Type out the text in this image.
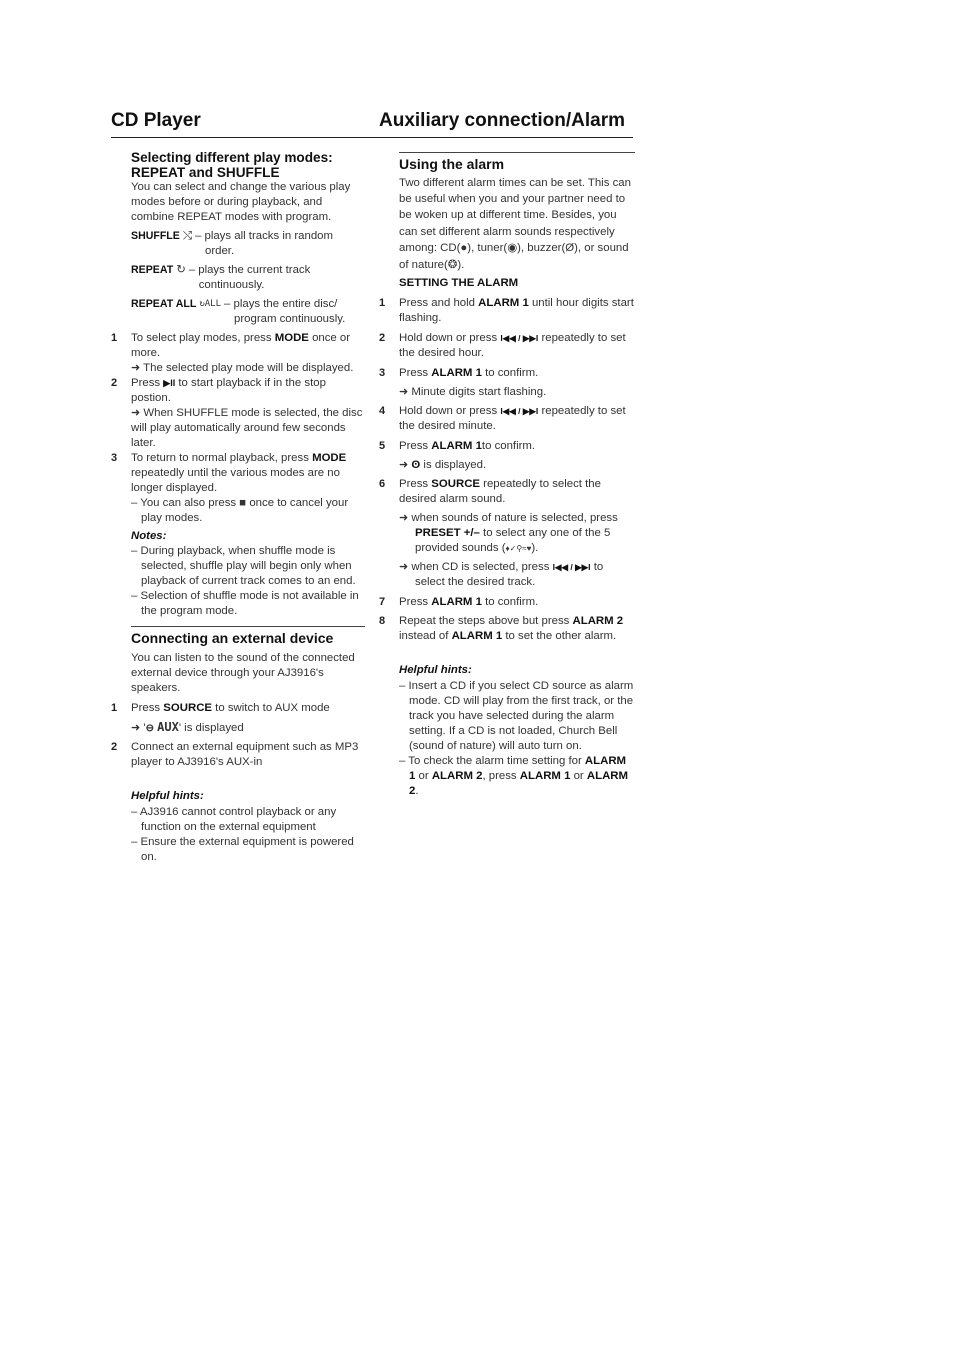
CD Player	Auxiliary connection/Alarm

Selecting different play modes:
REPEAT and SHUFFLE

You can select and change the various play modes before or during playback, and combine REPEAT modes with program.

SHUFFLE ⤭ – plays all tracks in random order.
REPEAT ↻ – plays the current track continuously.
REPEAT ALL ↻ALL – plays the entire disc/ program continuously.
1 To select play modes, press MODE once or more.
➜ The selected play mode will be displayed.
2 Press ▶II to start playback if in the stop postion.
➜ When SHUFFLE mode is selected, the disc will play automatically around few seconds later.
3 To return to normal playback, press MODE repeatedly until the various modes are no longer displayed.
– You can also press ■ once to cancel your play modes.

Notes:

– During playback, when shuffle mode is selected, shuffle play will begin only when playback of current track comes to an end.

– Selection of shuffle mode is not available in the program mode.

Connecting an external device

You can listen to the sound of the connected external device through your AJ3916's speakers.

1 Press SOURCE to switch to AUX mode
➜ '⊖ AUX' is displayed
2 Connect an external equipment such as MP3 player to AJ3916's AUX-in

Helpful hints:

– AJ3916 cannot control playback or any function on the external equipment

– Ensure the external equipment is powered on.

Using the alarm

Two different alarm times can be set. This can be useful when you and your partner need to be woken up at different time. Besides, you can set different alarm sounds respectively among: CD(●), tuner(◉), buzzer(Ø), or sound of nature(❂).

SETTING THE ALARM

1 Press and hold ALARM 1 until hour digits start flashing.
2 Hold down or press I◀◀ / ▶▶I repeatedly to set the desired hour.
3 Press ALARM 1 to confirm.
➜ Minute digits start flashing.
4 Hold down or press I◀◀ / ▶▶I repeatedly to set the desired minute.
5 Press ALARM 1to confirm.
➜ ʘ is displayed.
6 Press SOURCE repeatedly to select the desired alarm sound.
➜ when sounds of nature is selected, press PRESET +/– to select any one of the 5 provided sounds (♦✓⚲≈♥).
➜ when CD is selected, press I◀◀ / ▶▶I to select the desired track.
7 Press ALARM 1 to confirm.
8 Repeat the steps above but press ALARM 2 instead of ALARM 1 to set the other alarm.

Helpful hints:

– Insert a CD if you select CD source as alarm mode. CD will play from the first track, or the track you have selected during the alarm setting. If a CD is not loaded, Church Bell (sound of nature) will auto turn on.

– To check the alarm time setting for ALARM 1 or ALARM 2, press ALARM 1 or ALARM 2.
